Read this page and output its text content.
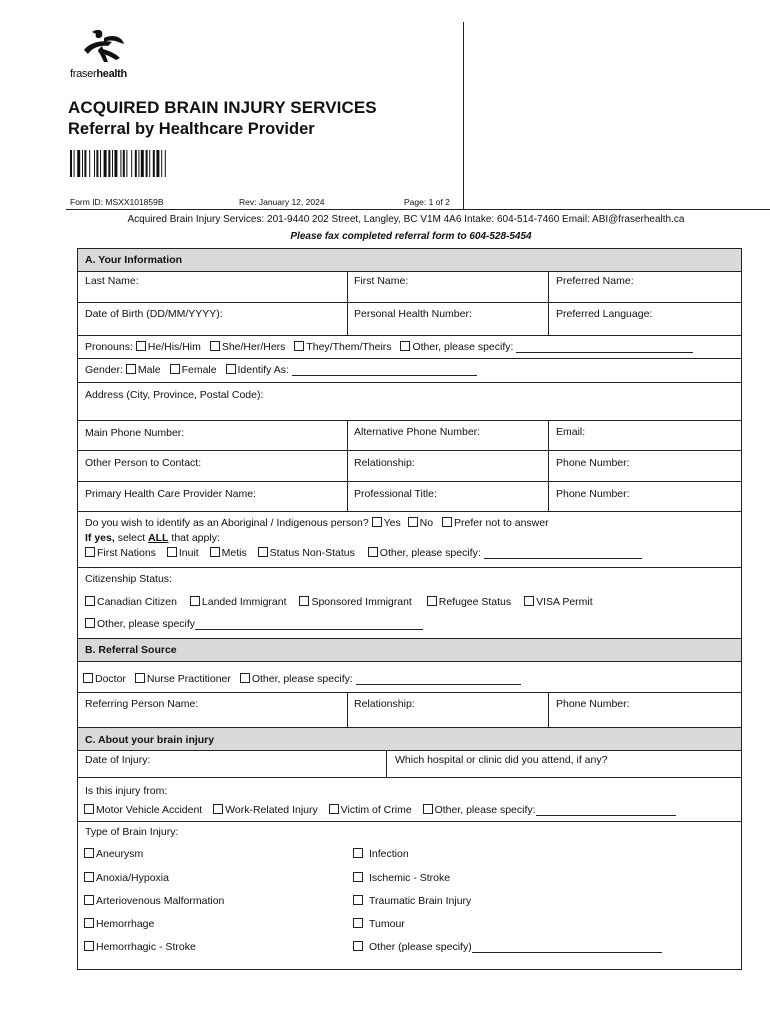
fraserhealth
ACQUIRED BRAIN INJURY SERVICES
Referral by Healthcare Provider
Form ID: MSXX101859B	Rev: January 12, 2024	Page: 1 of 2
Acquired Brain Injury Services: 201-9440 202 Street, Langley, BC V1M 4A6 Intake: 604-514-7460 Email: ABI@fraserhealth.ca
Please fax completed referral form to 604-528-5454
A. Your Information
Last Name:	First Name:	Preferred Name:
Date of Birth (DD/MM/YYYY):	Personal Health Number:	Preferred Language:
Pronouns: He/His/Him She/Her/Hers They/Them/Theirs Other, please specify:
Gender: Male Female Identify As:
Address (City, Province, Postal Code):
Main Phone Number:	Alternative Phone Number:	Email:
Other Person to Contact:	Relationship:	Phone Number:
Primary Health Care Provider Name:	Professional Title:	Phone Number:
Do you wish to identify as an Aboriginal / Indigenous person? Yes No Prefer not to answer
If yes, select ALL that apply:
First Nations Inuit Metis Status Non-Status Other, please specify:
Citizenship Status:
Canadian Citizen Landed Immigrant Sponsored Immigrant	Refugee Status VISA Permit
Other, please specify
B. Referral Source
Doctor Nurse Practitioner Other, please specify:
Referring Person Name:	Relationship:	Phone Number:
C. About your brain injury
Date of Injury:	Which hospital or clinic did you attend, if any?
Is this injury from:
Motor Vehicle Accident Work-Related Injury Victim of Crime Other, please specify:
Type of Brain Injury:
Aneurysm
Anoxia/Hypoxia
Arteriovenous Malformation
Hemorrhage
Hemorrhagic - Stroke
Infection
Ischemic - Stroke
Traumatic Brain Injury
Tumour
Other (please specify)
